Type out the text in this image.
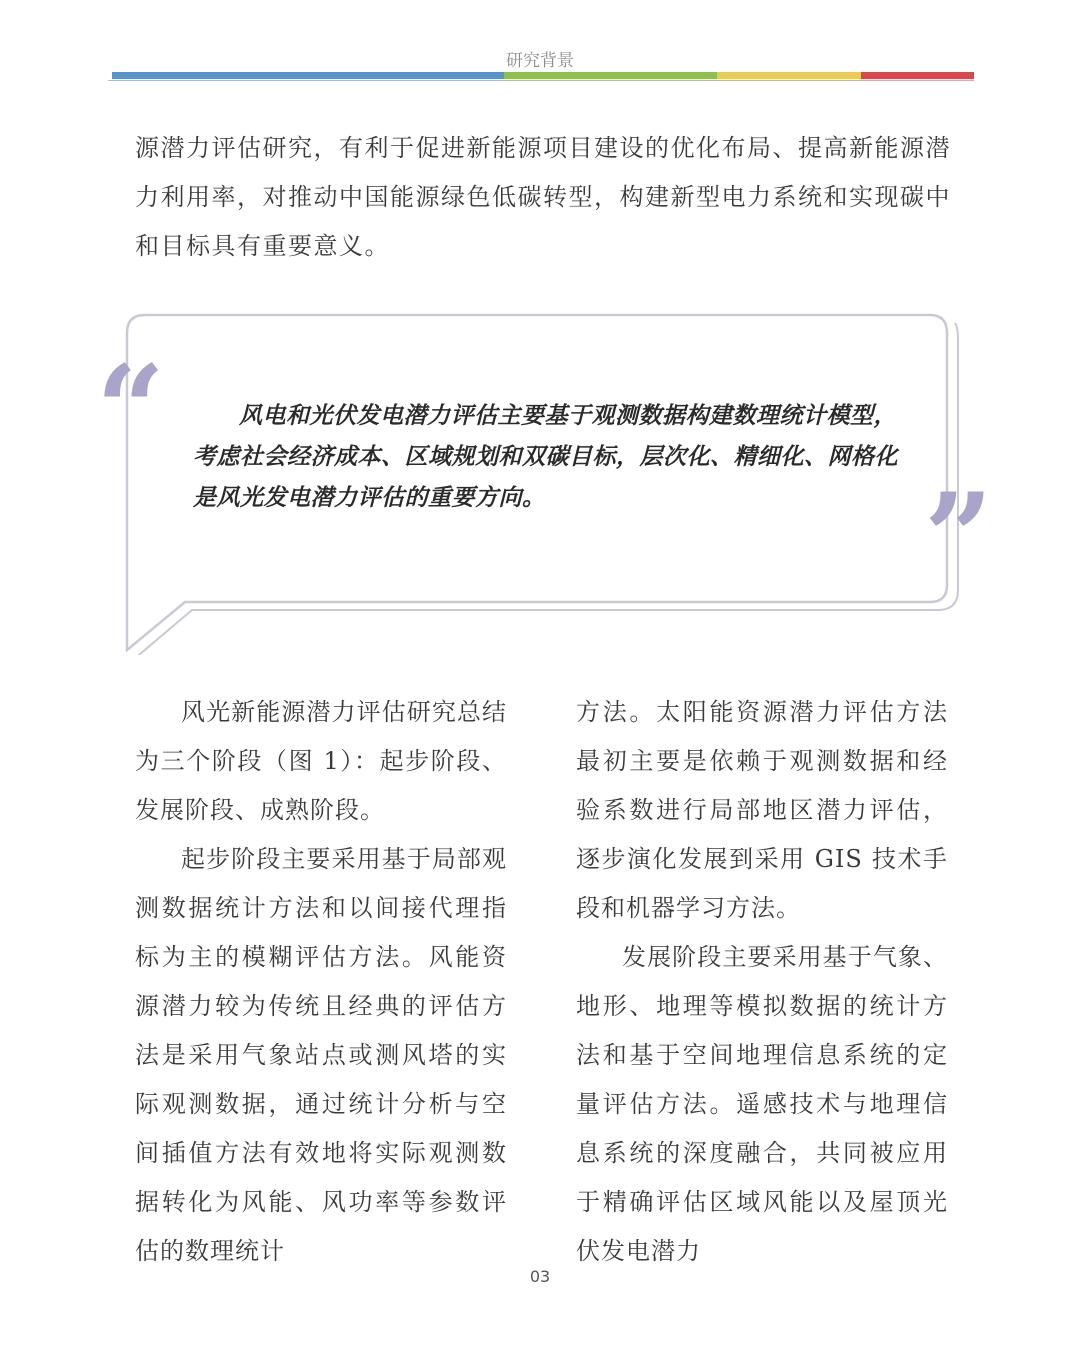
研究背景

源潜力评估研究，有利于促进新能源项目建设的优化布局、提高新能源潜力利用率，对推动中国能源绿色低碳转型，构建新型电力系统和实现碳中和目标具有重要意义。

“
”

风电和光伏发电潜力评估主要基于观测数据构建数理统计模型，考虑社会经济成本、区域规划和双碳目标，层次化、精细化、网格化是风光发电潜力评估的重要方向。

风光新能源潜力评估研究总结为三个阶段（图 1）：起步阶段、发展阶段、成熟阶段。

起步阶段主要采用基于局部观测数据统计方法和以间接代理指标为主的模糊评估方法。风能资源潜力较为传统且经典的评估方法是采用气象站点或测风塔的实际观测数据，通过统计分析与空间插值方法有效地将实际观测数据转化为风能、风功率等参数评估的数理统计

方法。太阳能资源潜力评估方法最初主要是依赖于观测数据和经验系数进行局部地区潜力评估，逐步演化发展到采用 GIS 技术手段和机器学习方法。

发展阶段主要采用基于气象、地形、地理等模拟数据的统计方法和基于空间地理信息系统的定量评估方法。遥感技术与地理信息系统的深度融合，共同被应用于精确评估区域风能以及屋顶光伏发电潜力

03
